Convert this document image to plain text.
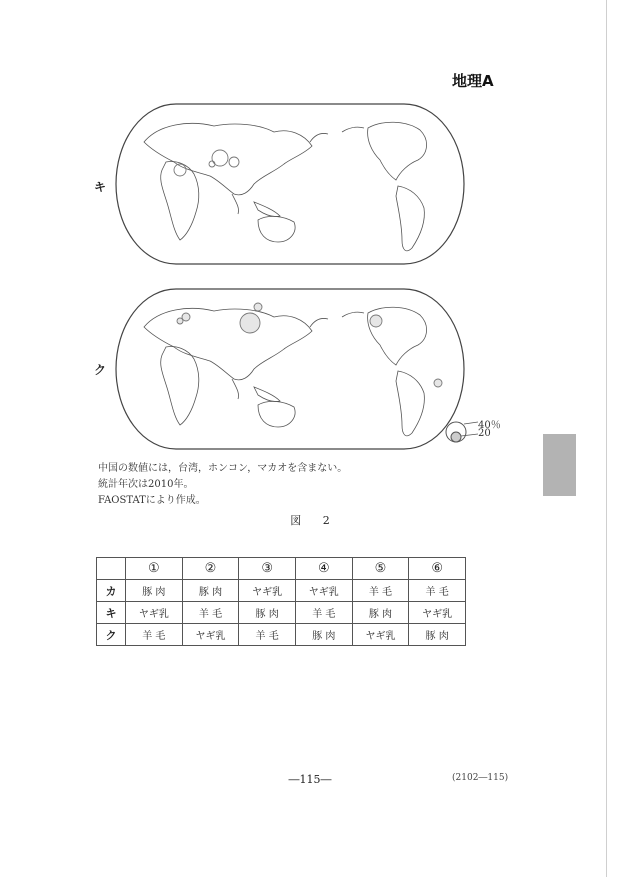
地理A
キ
ク
40％
20
中国の数値には，台湾，ホンコン，マカオを含まない。
統計年次は2010年。
FAOSTATにより作成。
図 2
	①	②	③	④	⑤	⑥
カ	豚 肉	豚 肉	ヤギ乳	ヤギ乳	羊 毛	羊 毛
キ	ヤギ乳	羊 毛	豚 肉	羊 毛	豚 肉	ヤギ乳
ク	羊 毛	ヤギ乳	羊 毛	豚 肉	ヤギ乳	豚 肉
―115―	(2102―115)
